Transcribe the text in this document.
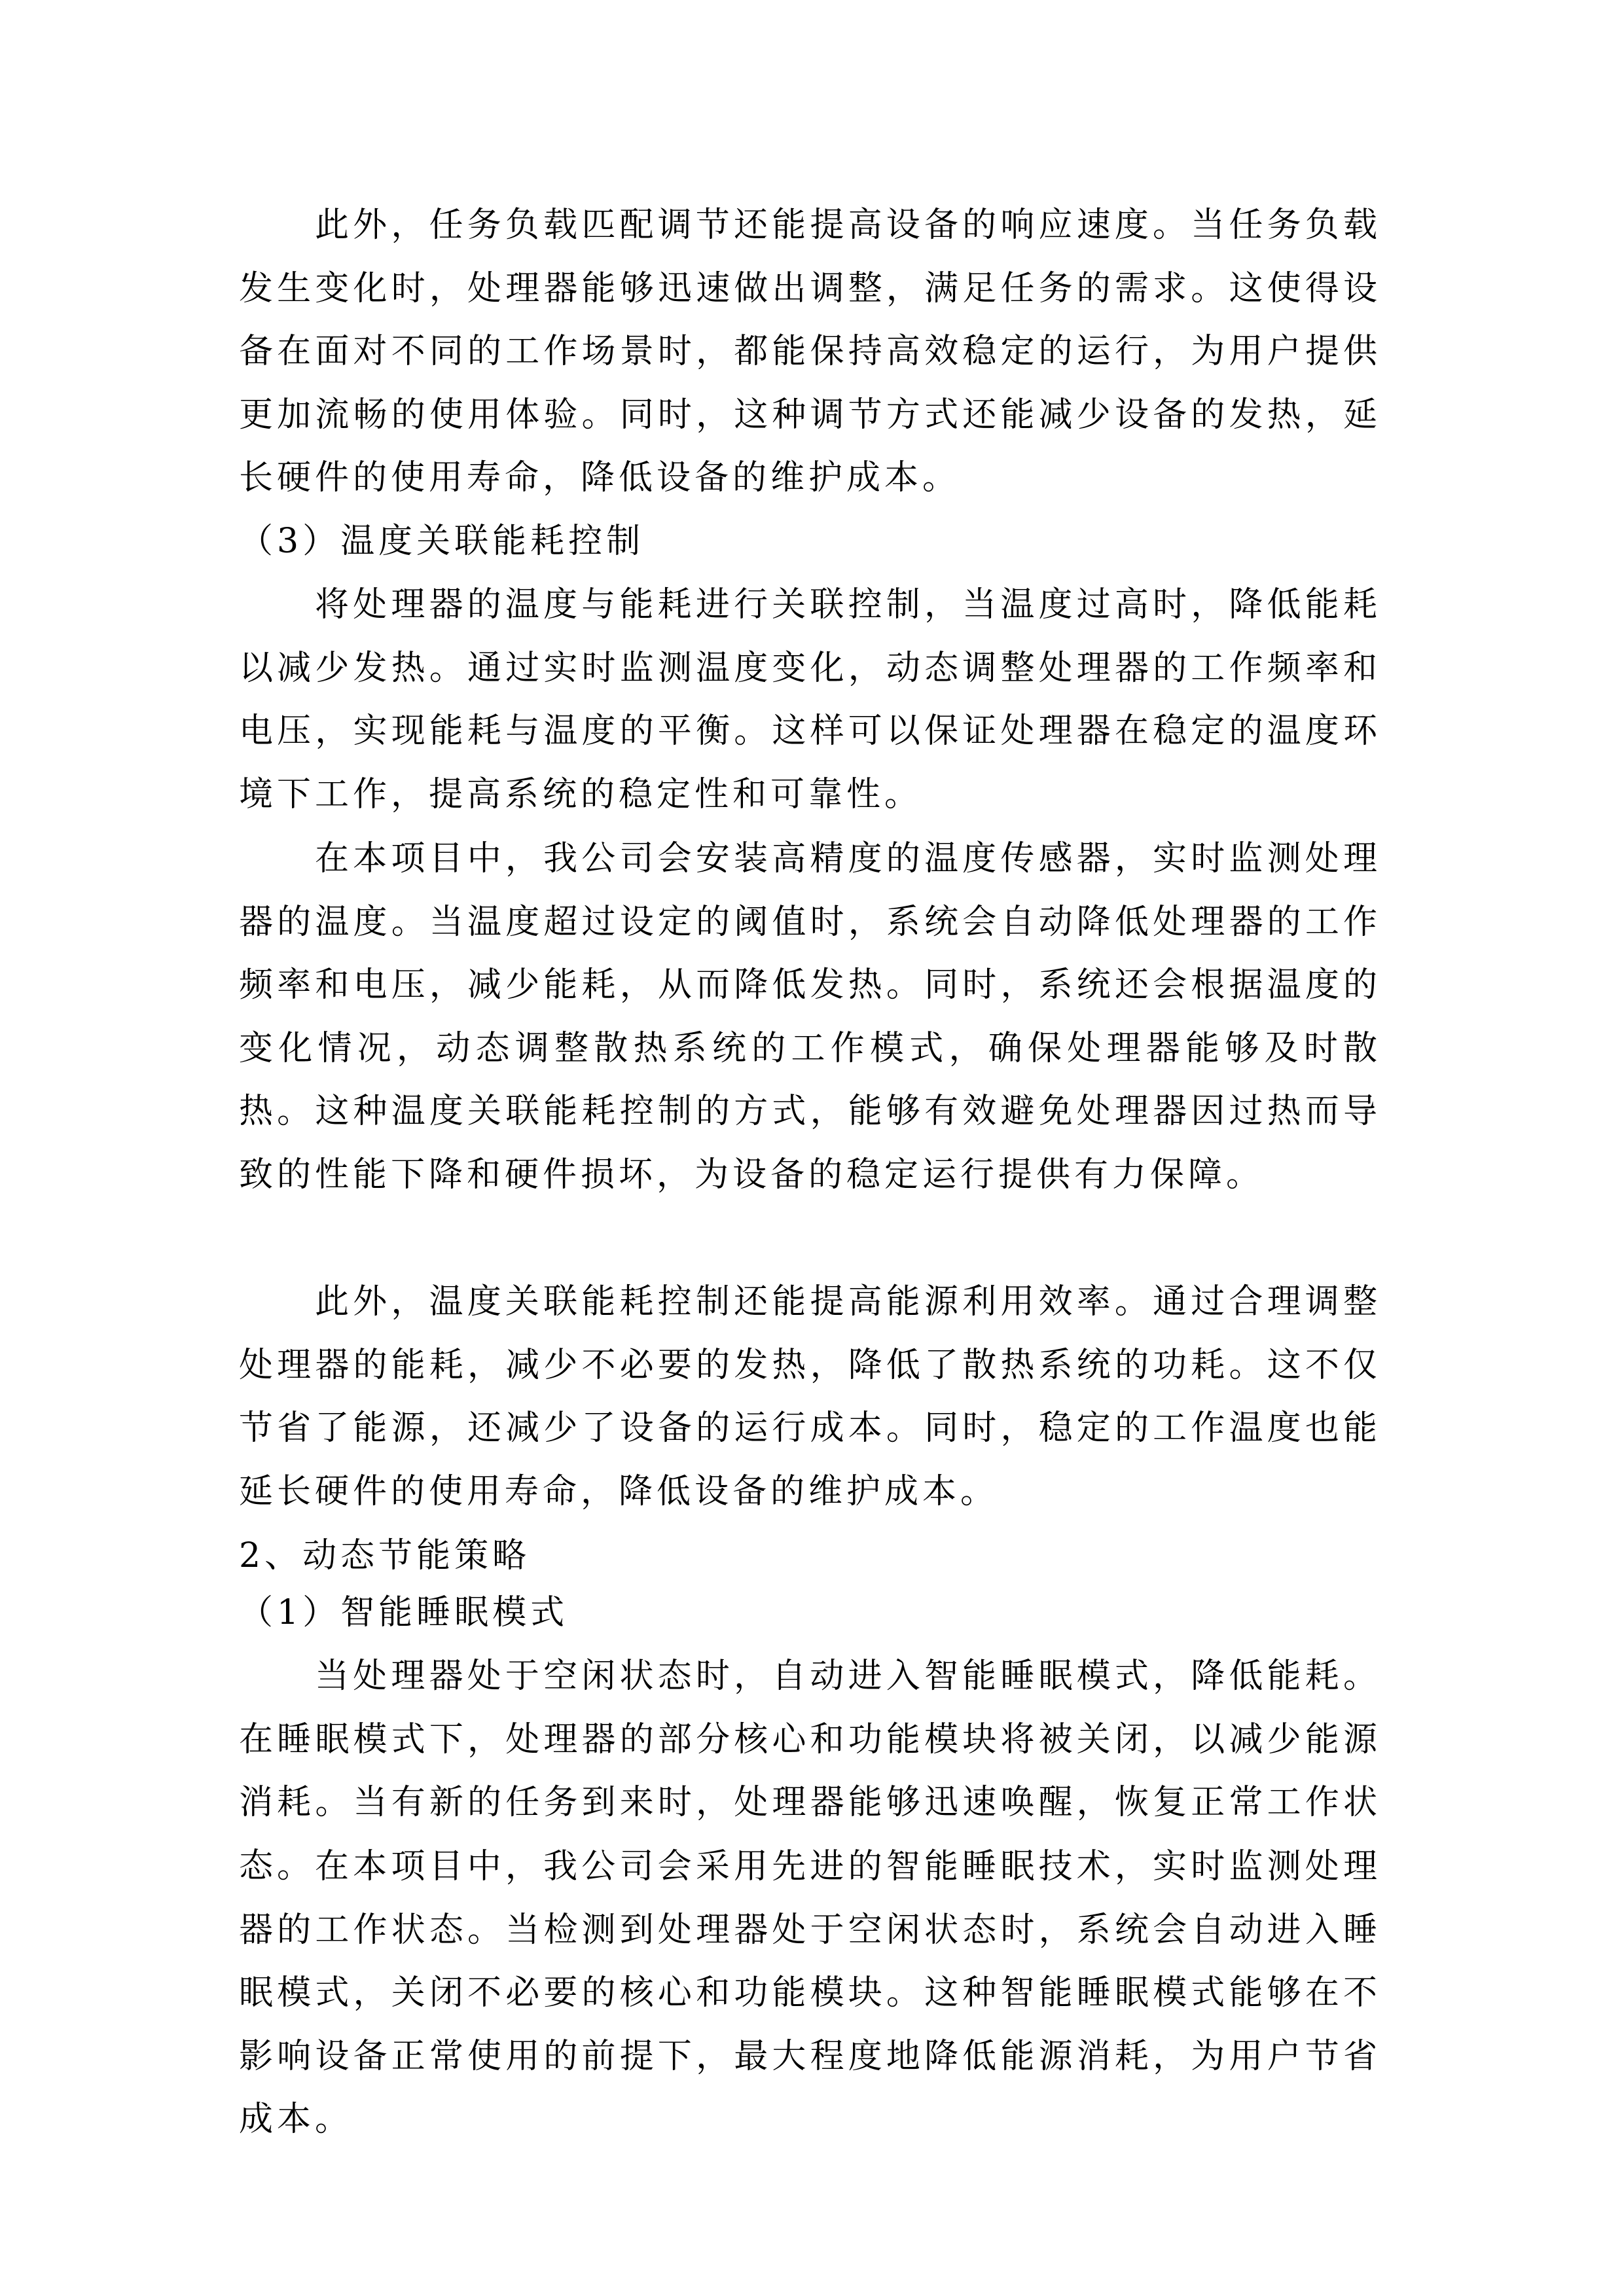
此外，任务负载匹配调节还能提高设备的响应速度。当任务负载发生变化时，处理器能够迅速做出调整，满足任务的需求。这使得设备在面对不同的工作场景时，都能保持高效稳定的运行，为用户提供更加流畅的使用体验。同时，这种调节方式还能减少设备的发热，延长硬件的使用寿命，降低设备的维护成本。

（3）温度关联能耗控制

将处理器的温度与能耗进行关联控制，当温度过高时，降低能耗以减少发热。通过实时监测温度变化，动态调整处理器的工作频率和电压，实现能耗与温度的平衡。这样可以保证处理器在稳定的温度环境下工作，提高系统的稳定性和可靠性。

在本项目中，我公司会安装高精度的温度传感器，实时监测处理器的温度。当温度超过设定的阈值时，系统会自动降低处理器的工作频率和电压，减少能耗，从而降低发热。同时，系统还会根据温度的变化情况，动态调整散热系统的工作模式，确保处理器能够及时散热。这种温度关联能耗控制的方式，能够有效避免处理器因过热而导致的性能下降和硬件损坏，为设备的稳定运行提供有力保障。

此外，温度关联能耗控制还能提高能源利用效率。通过合理调整处理器的能耗，减少不必要的发热，降低了散热系统的功耗。这不仅节省了能源，还减少了设备的运行成本。同时，稳定的工作温度也能延长硬件的使用寿命，降低设备的维护成本。

2、动态节能策略

（1）智能睡眠模式

当处理器处于空闲状态时，自动进入智能睡眠模式，降低能耗。在睡眠模式下，处理器的部分核心和功能模块将被关闭，以减少能源消耗。当有新的任务到来时，处理器能够迅速唤醒，恢复正常工作状态。 在本项目中，我公司会采用先进的智能睡眠技术，实时监测处理器的工作状态。当检测到处理器处于空闲状态时，系统会自动进入睡眠模式，关闭不必要的核心和功能模块。这种智能睡眠模式能够在不影响设备正常使用的前提下，最大程度地降低能源消耗，为用户节省成本。
